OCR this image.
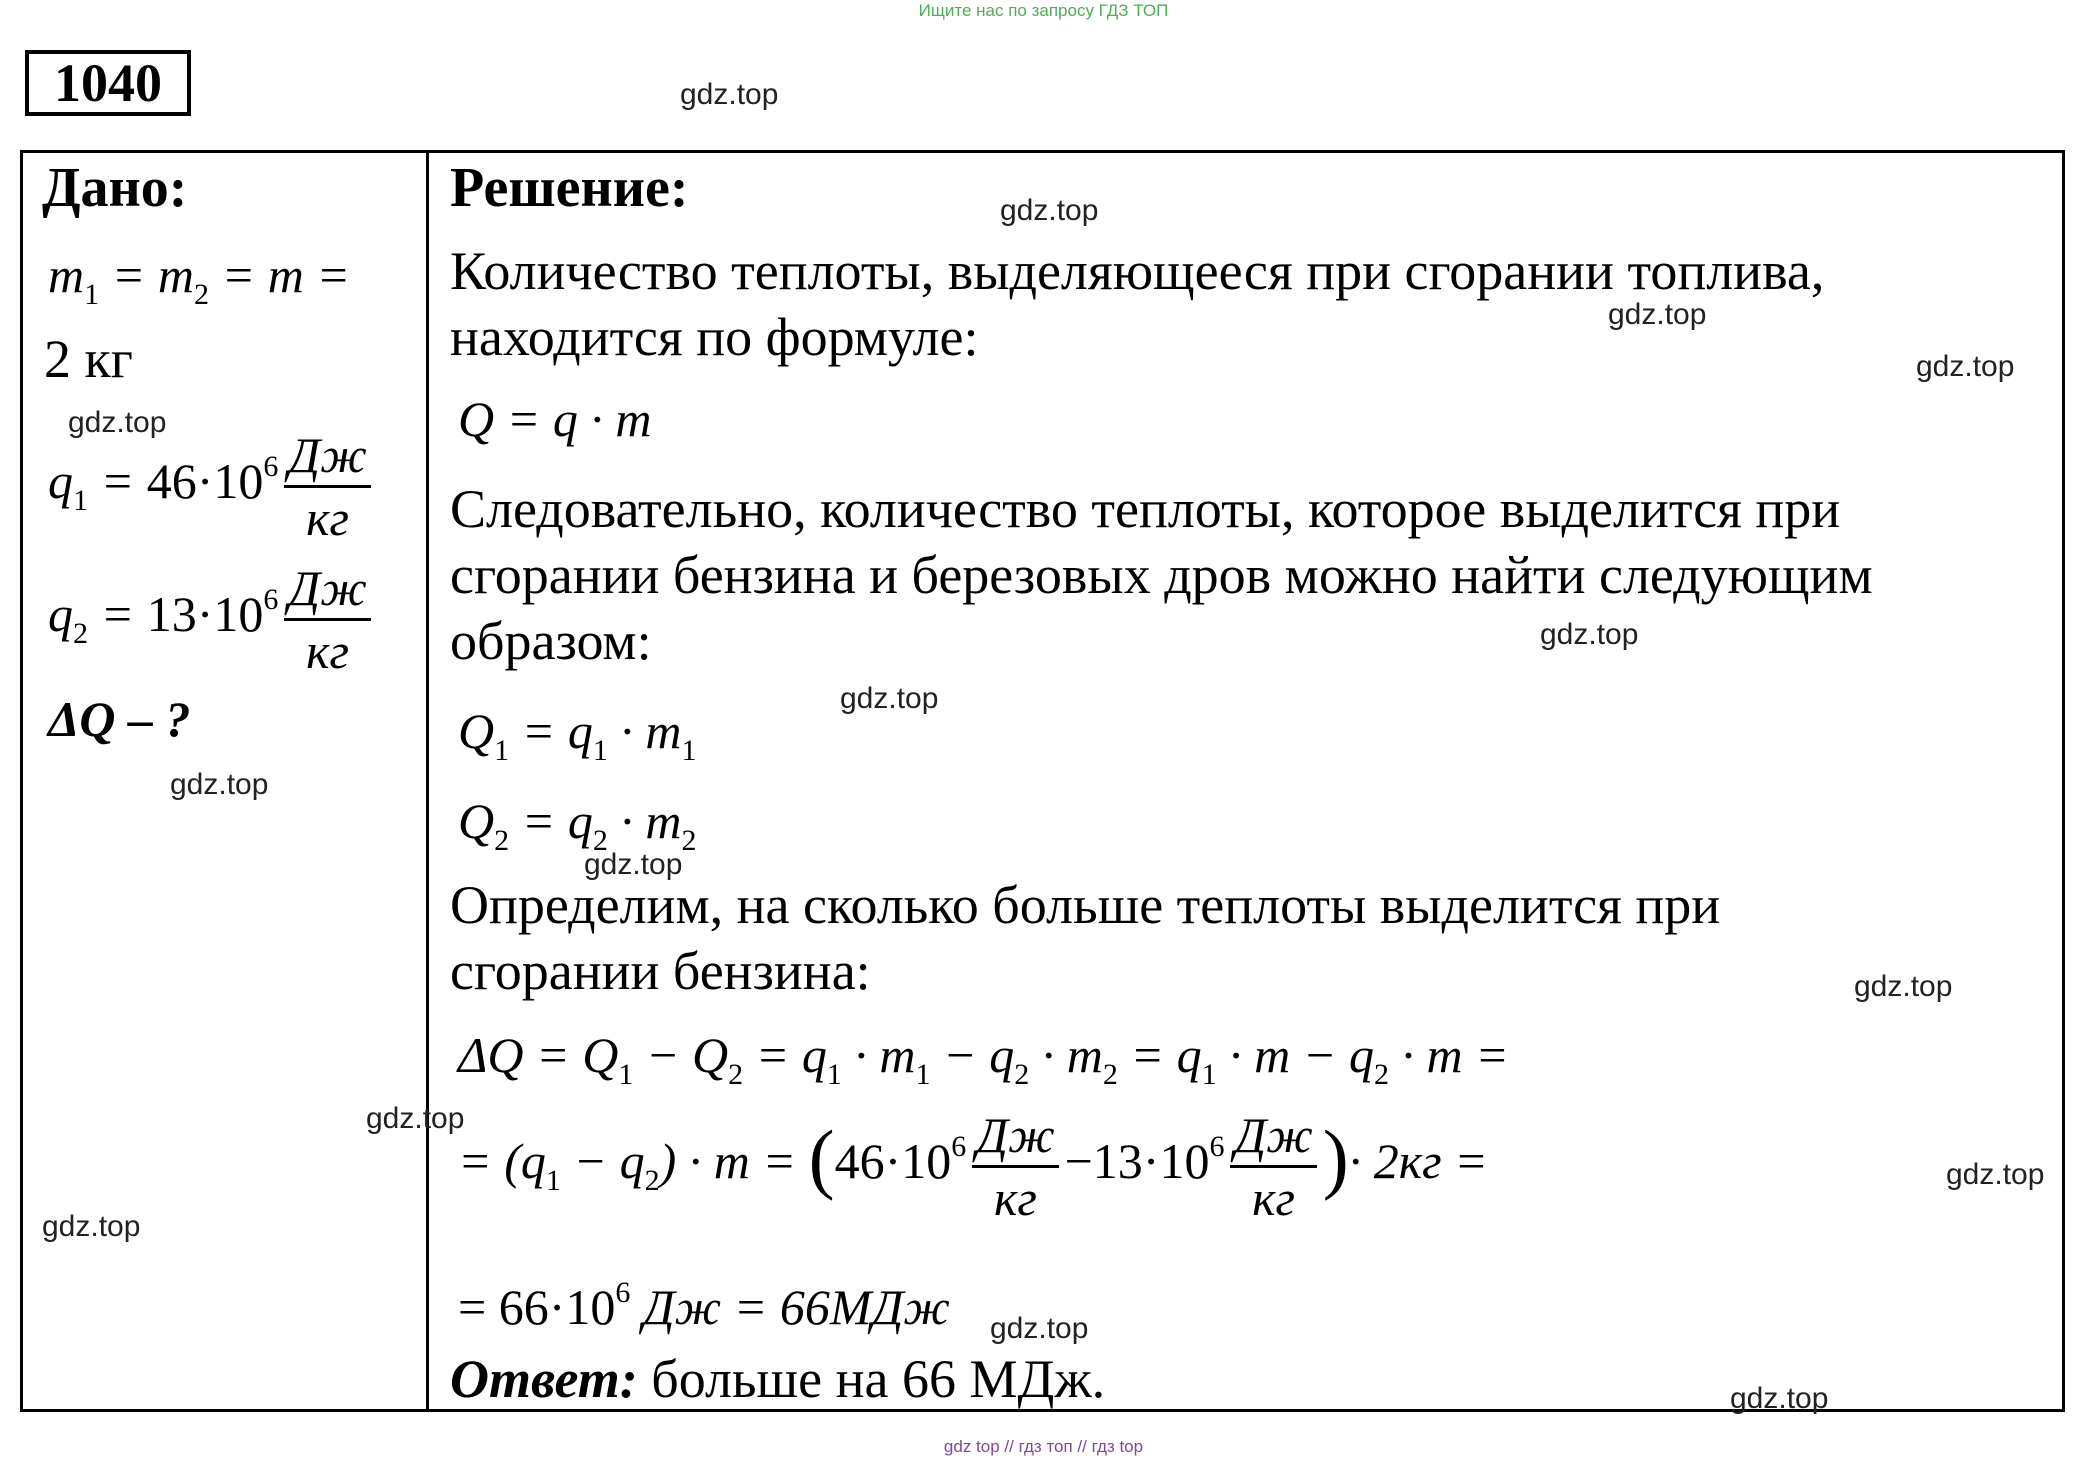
Ищите нас по запросу ГДЗ ТОП
1040	gdz.top
Дано:
$m_1 = m_2 = m$ =
2 кг
$q_1 = 46\cdot 10^6 \frac{Дж}{кг}$
$q_2 = 13\cdot 10^6 \frac{Дж}{кг}$
ΔQ – ?
Решение:
Количество теплоты, выделяющееся при сгорании топлива,
находится по формуле:
Q = q · m
Следовательно, количество теплоты, которое выделится при
сгорании бензина и березовых дров можно найти следующим
образом:
$Q_1 = q_1 \cdot m_1$
$Q_2 = q_2 \cdot m_2$
Определим, на сколько больше теплоты выделится при
сгорании бензина:
$\Delta Q = Q_1 - Q_2 = q_1 \cdot m_1 - q_2 \cdot m_2 = q_1 \cdot m - q_2 \cdot m$ =
= $(q_1 - q_2) \cdot m = (46\cdot 10^6 \frac{Дж}{кг} -13\cdot 10^6 \frac{Дж}{кг}$ )· 2кг =
= $66\cdot 10^6$ Дж = 66МДж
Ответ: больше на 66 МДж.
gdz.top
gdz.top
gdz.top
gdz.top
gdz.top
gdz.top
gdz.top
gdz.top
gdz.top
gdz.top
gdz.top
gdz.top
gdz.top
gdz.top
gdz top // гдз топ // гдз top
